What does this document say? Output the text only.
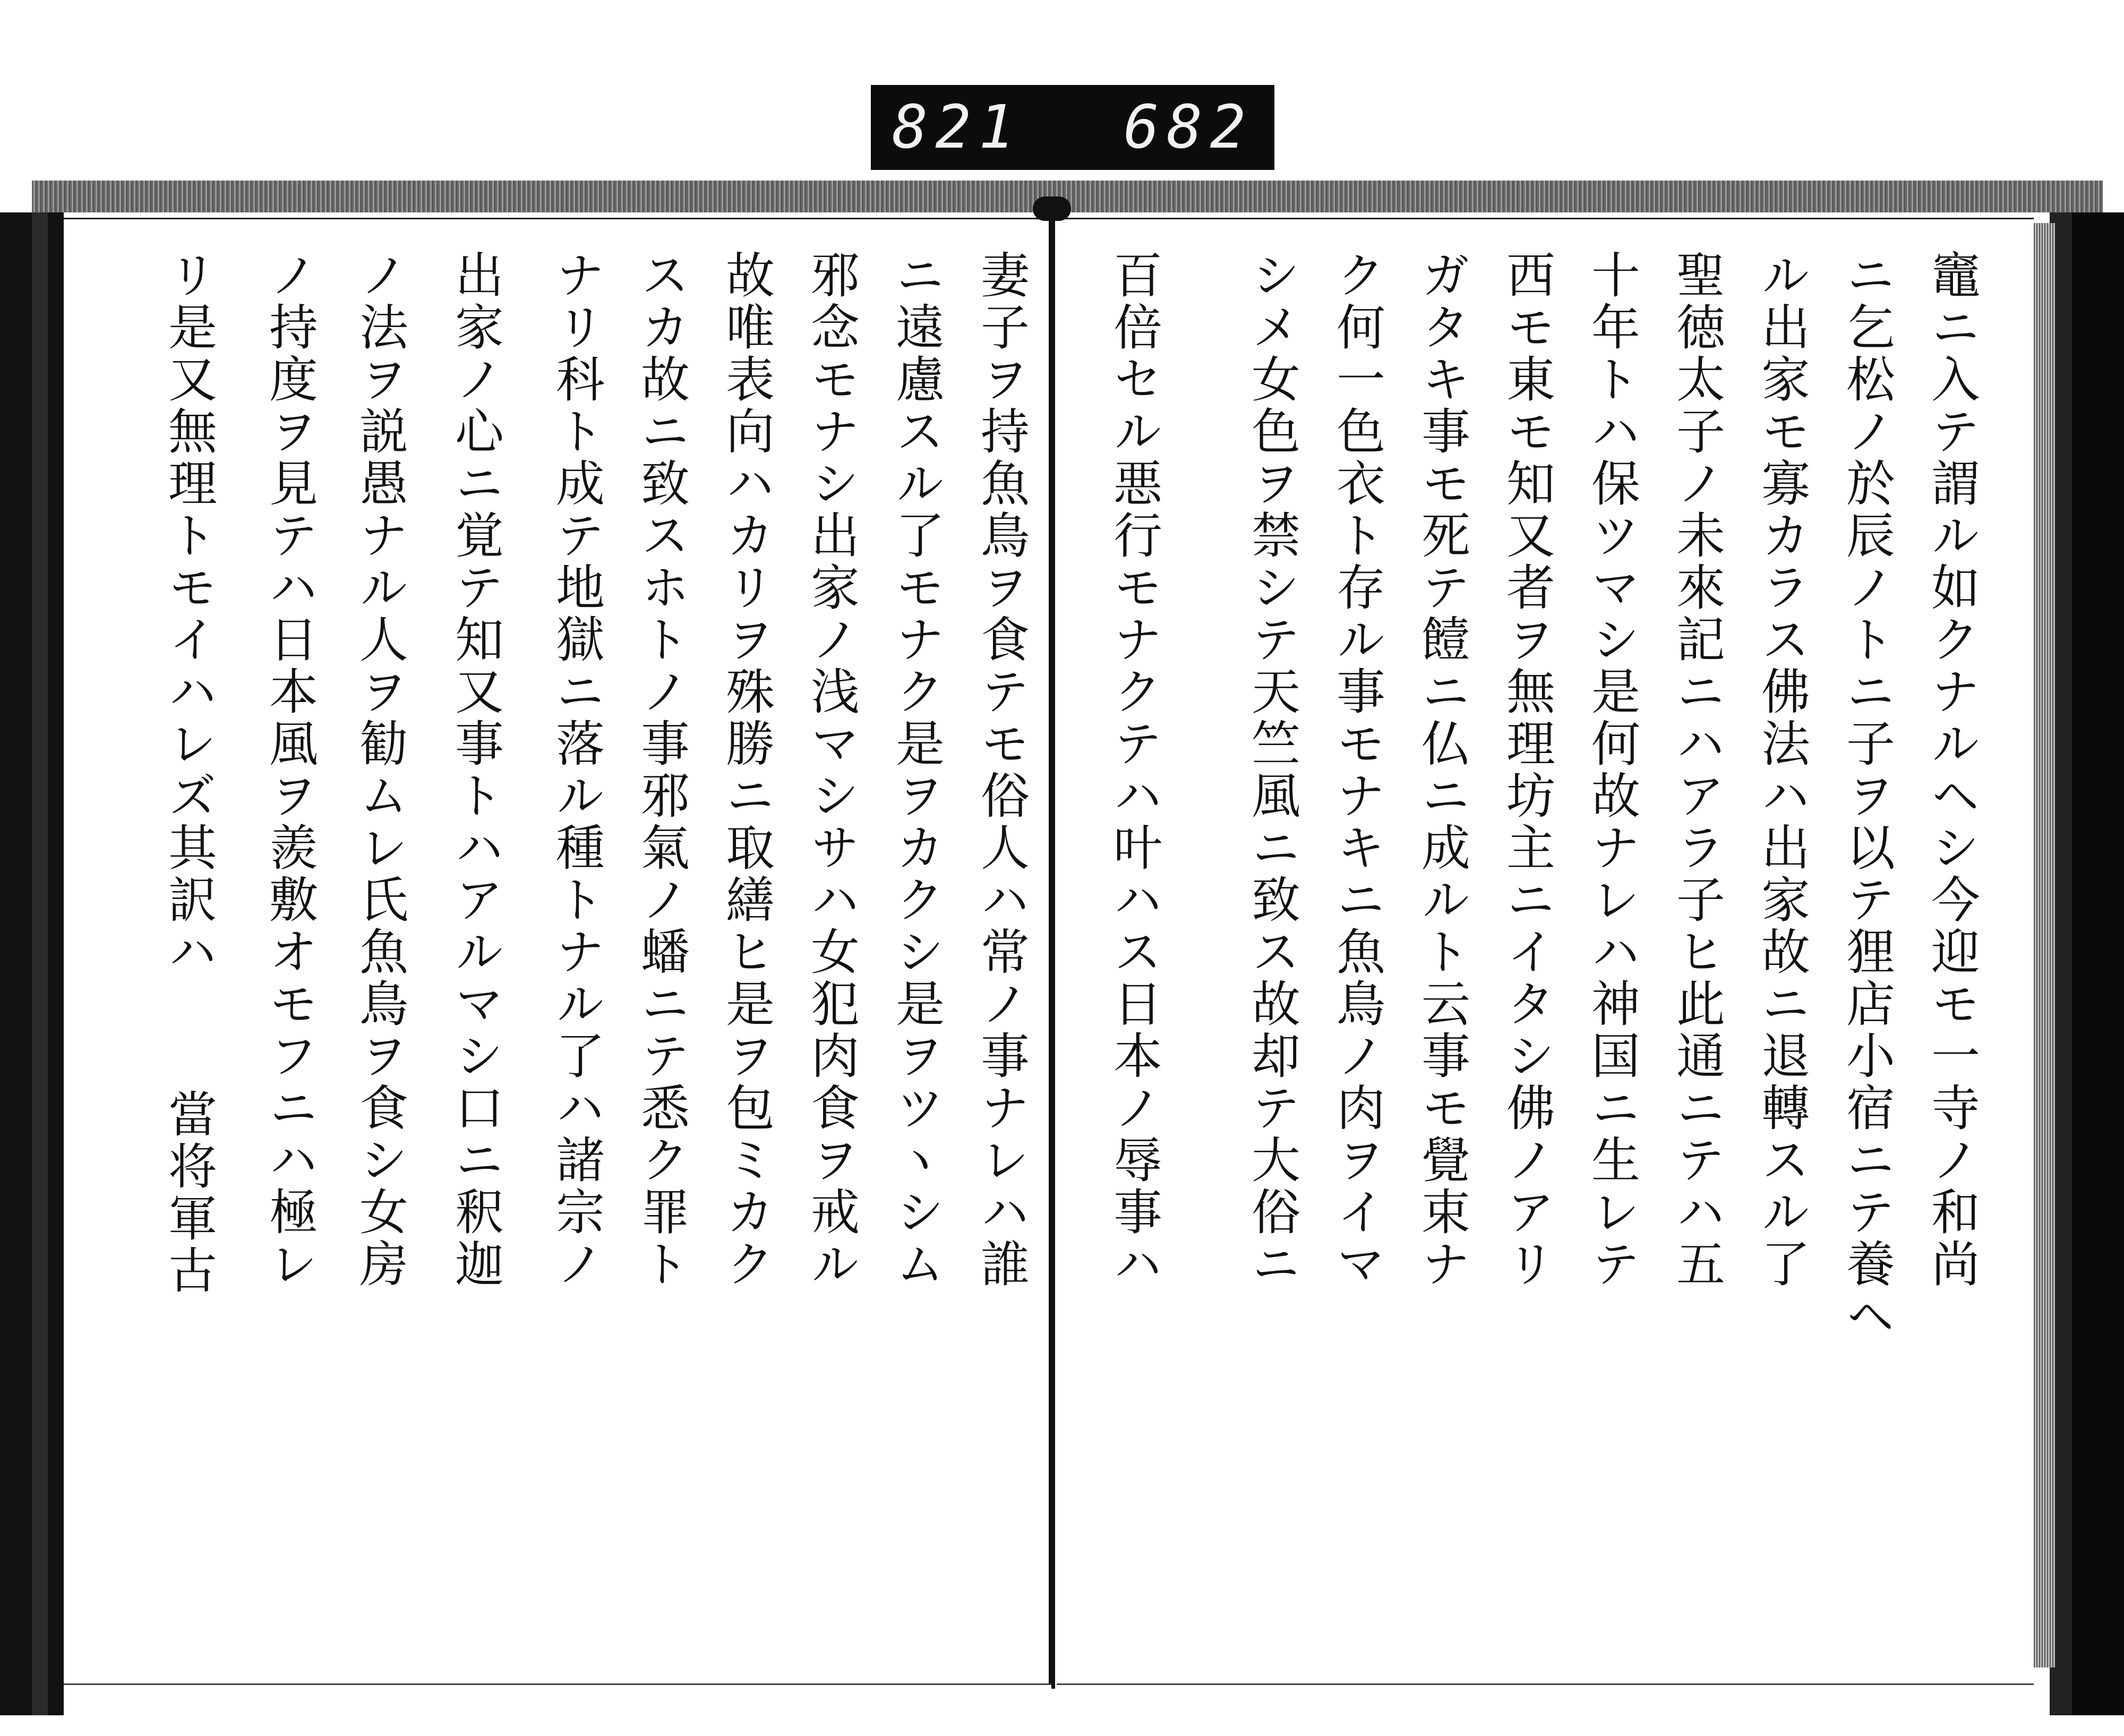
821 682
竈ニ入テ謂ル如クナルヘシ今迎モ一寺ノ和尚
ニ乞松ノ於辰ノトニ子ヲ以テ狸店小宿ニテ養ヘ
ル出家モ寡カラス佛法ハ出家故ニ退轉スル了
聖徳太子ノ未來記ニハアラ子ヒ此通ニテハ五
十年トハ保ツマシ是何故ナレハ神国ニ生レテ
西モ東モ知又者ヲ無理坊主ニイタシ佛ノアリ
ガタキ事モ死テ饐ニ仏ニ成ルト云事モ覺束ナ
ク何一色衣ト存ル事モナキニ魚鳥ノ肉ヲイマ
シメ女色ヲ禁シテ天竺風ニ致ス故却テ大俗ニ
百倍セル悪行モナクテハ叶ハス日本ノ辱事ハ
妻子ヲ持魚鳥ヲ食テモ俗人ハ常ノ事ナレハ誰
ニ遠慮スル了モナク是ヲカクシ是ヲツヽシム
邪念モナシ出家ノ浅マシサハ女犯肉食ヲ戒ル
故唯表向ハカリヲ殊勝ニ取繕ヒ是ヲ包ミカク
スカ故ニ致スホトノ事邪氣ノ蟠ニテ悉ク罪ト
ナリ科ト成テ地獄ニ落ル種トナル了ハ諸宗ノ
出家ノ心ニ覚テ知又事トハアルマシ口ニ釈迦
ノ法ヲ説愚ナル人ヲ勧ムレ氏魚鳥ヲ食シ女房
ノ持度ヲ見テハ日本風ヲ羨敷オモフニハ極レ
リ是又無理トモイハレズ其訳ハ
當将軍古
